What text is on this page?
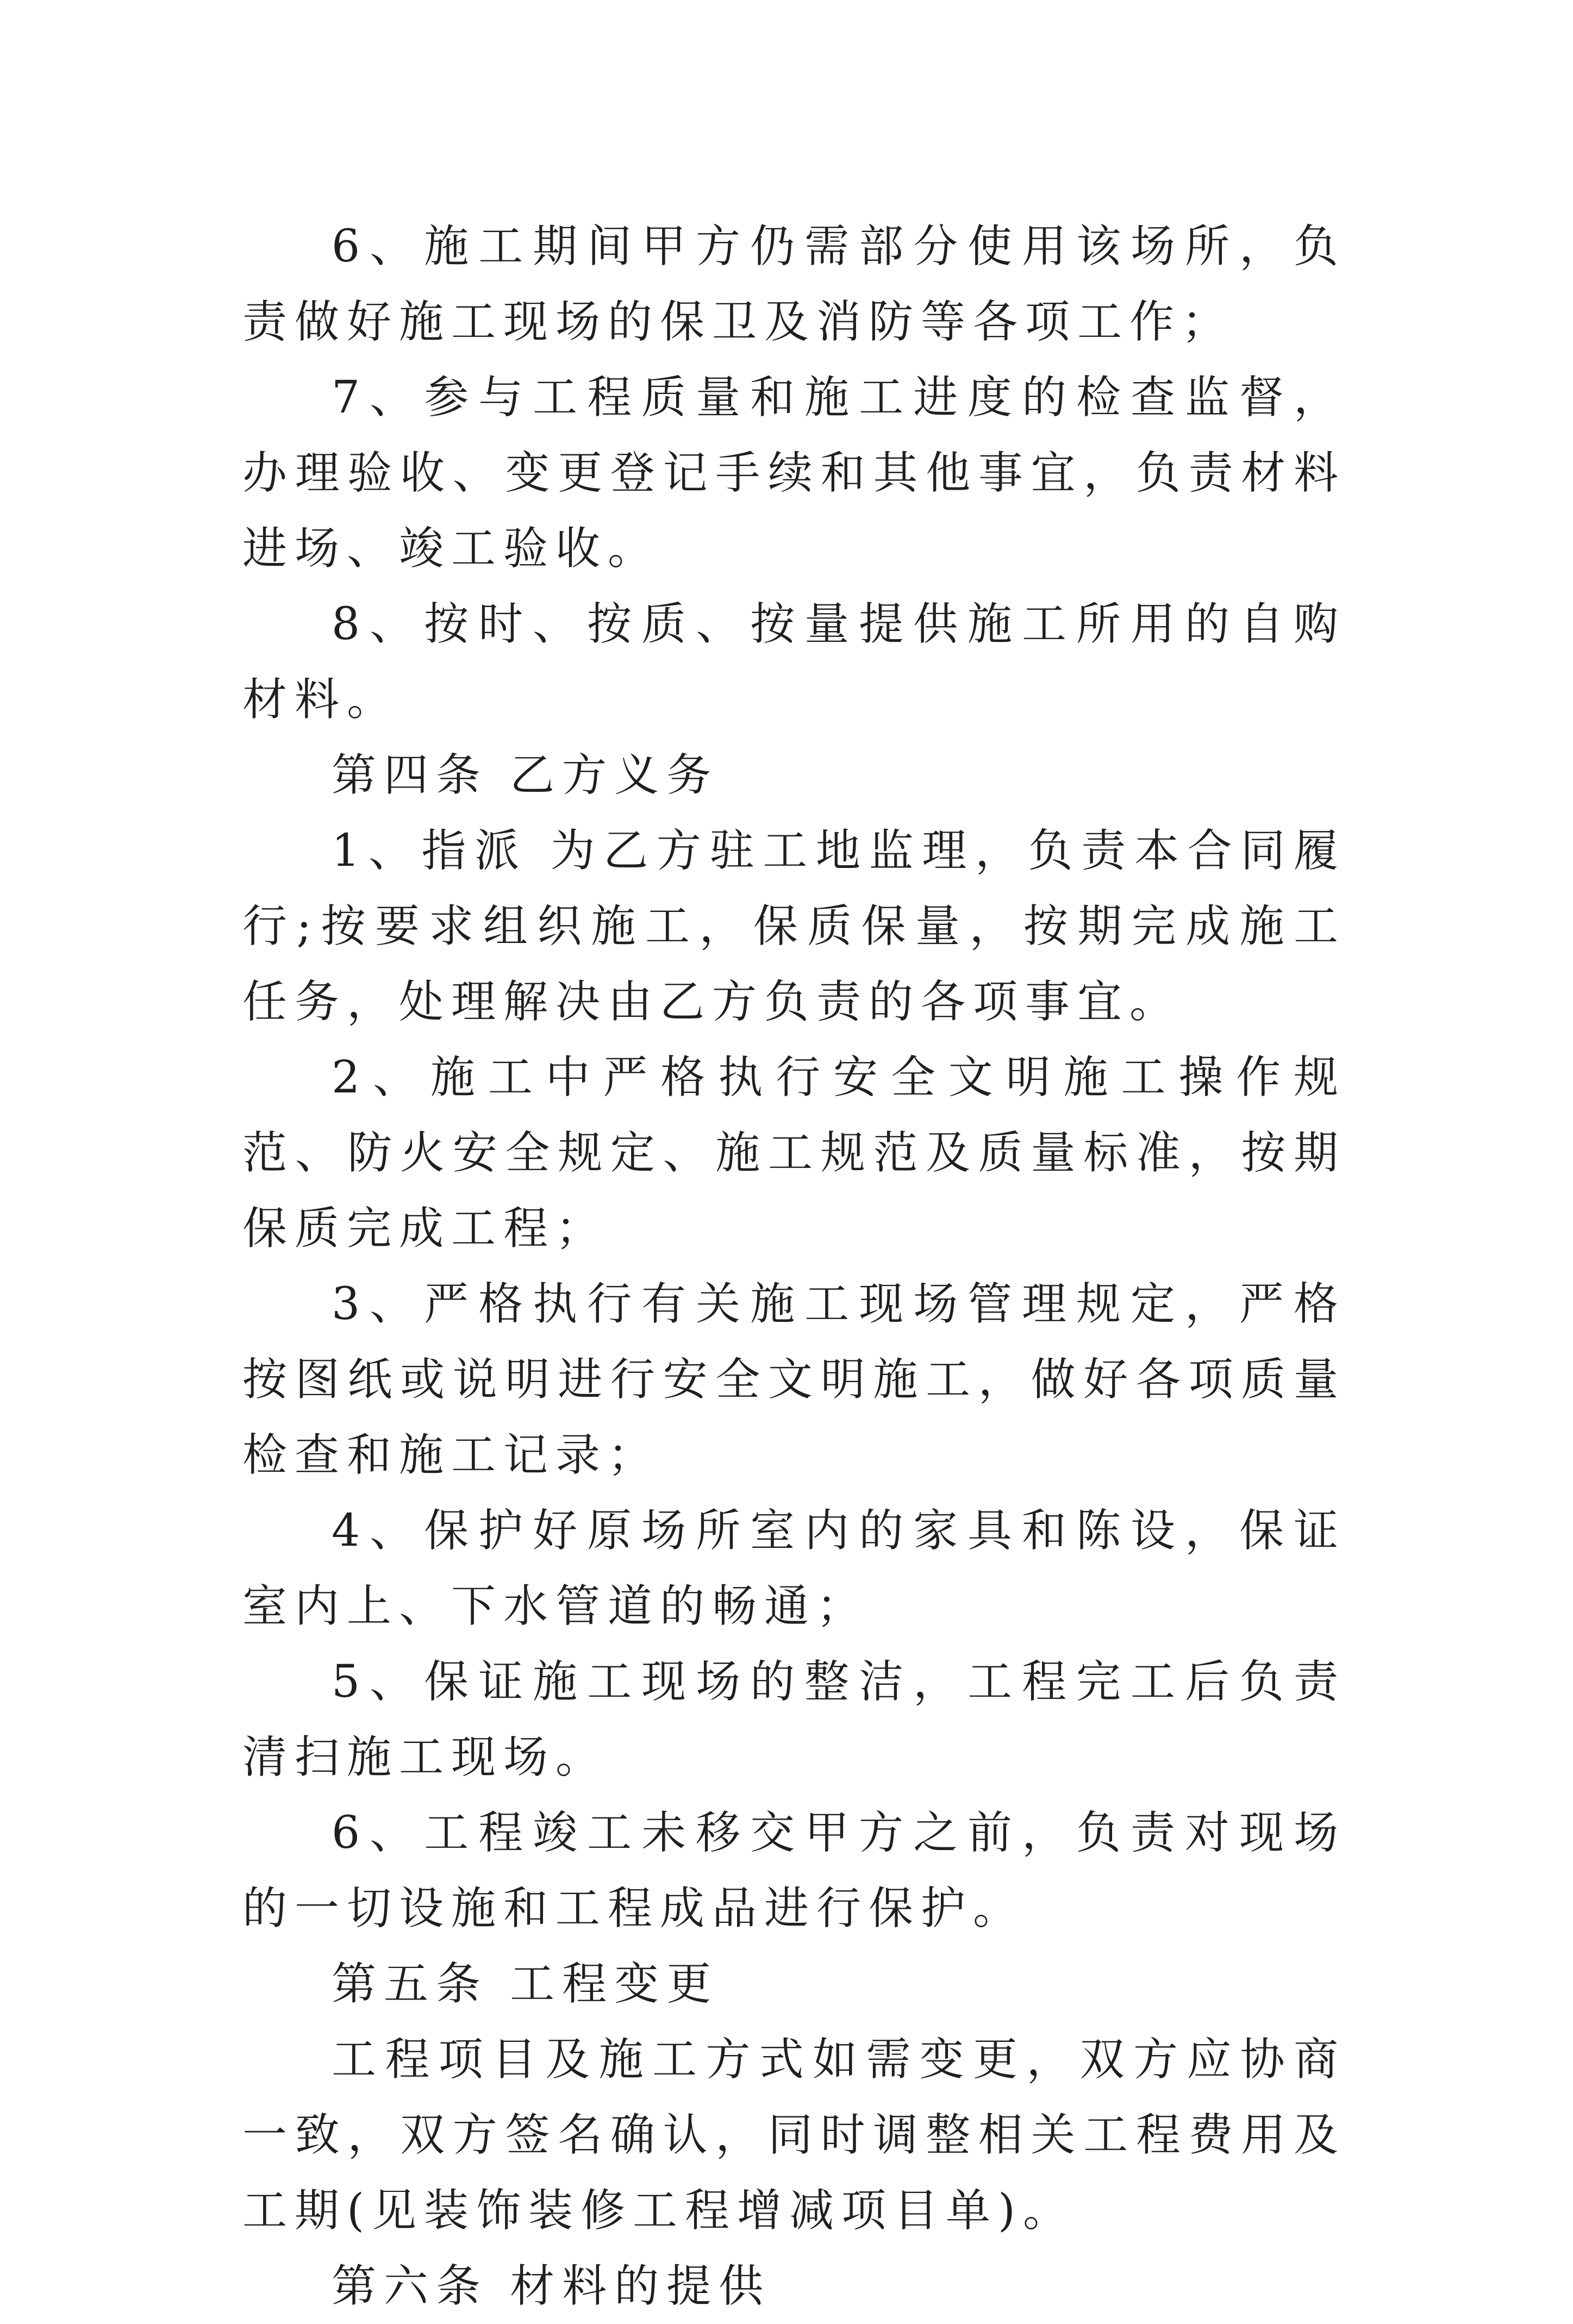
6、施工期间甲方仍需部分使用该场所，负责做好施工现场的保卫及消防等各项工作；

7、参与工程质量和施工进度的检查监督，办理验收、变更登记手续和其他事宜，负责材料进场、竣工验收。

8、按时、按质、按量提供施工所用的自购材料。

第四条 乙方义务

1、指派 为乙方驻工地监理，负责本合同履行;按要求组织施工，保质保量，按期完成施工任务，处理解决由乙方负责的各项事宜。

2、施工中严格执行安全文明施工操作规范、防火安全规定、施工规范及质量标准，按期保质完成工程；

3、严格执行有关施工现场管理规定，严格按图纸或说明进行安全文明施工，做好各项质量检查和施工记录；

4、保护好原场所室内的家具和陈设，保证室内上、下水管道的畅通；

5、保证施工现场的整洁，工程完工后负责清扫施工现场。

6、工程竣工未移交甲方之前，负责对现场的一切设施和工程成品进行保护。

第五条 工程变更

工程项目及施工方式如需变更，双方应协商一致，双方签名确认，同时调整相关工程费用及工期(见装饰装修工程增减项目单)。

第六条 材料的提供
